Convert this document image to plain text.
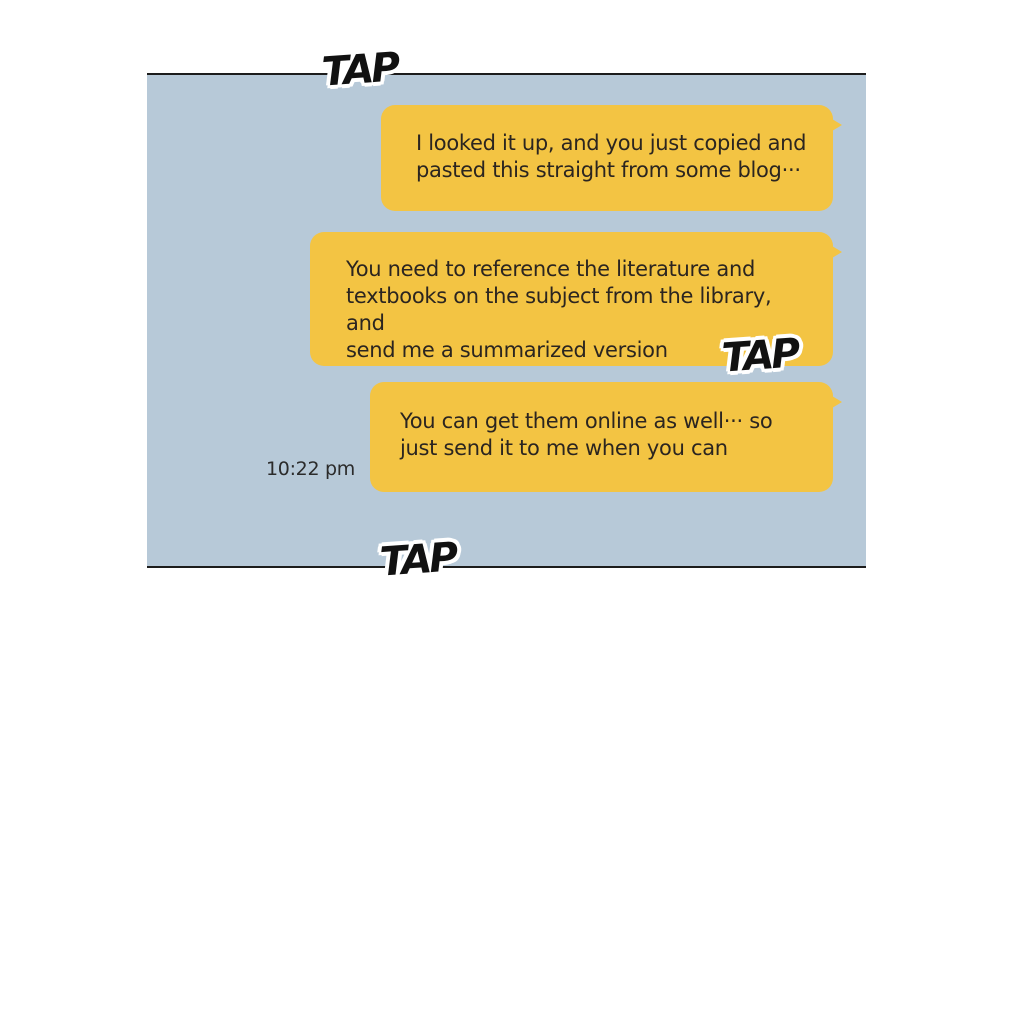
I looked it up, and you just copied and
pasted this straight from some blog···

You need to reference the literature and
textbooks on the subject from the library, and
send me a summarized version

You can get them online as well··· so
just send it to me when you can

10:22 pm
TAP
TAP
TAP
